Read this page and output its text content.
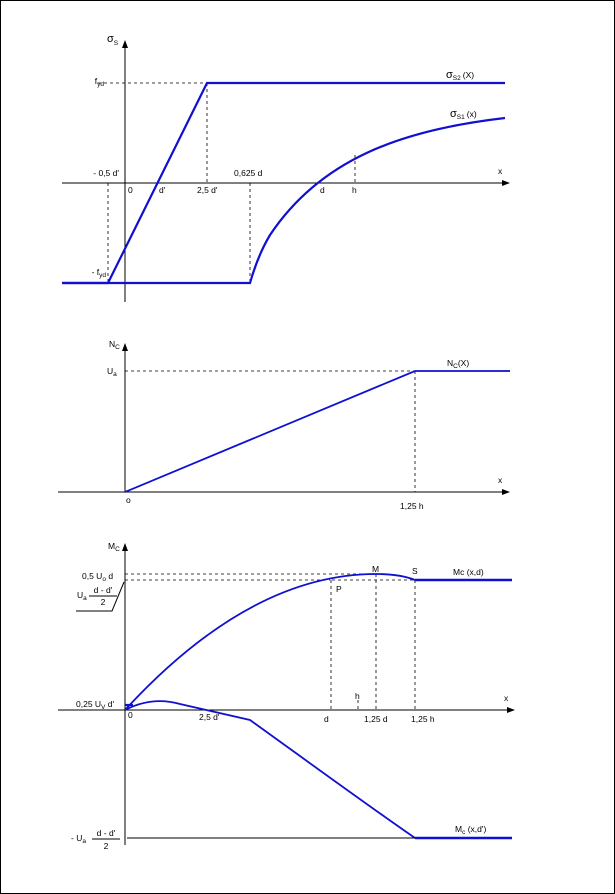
σS
$f_{yd}$
- 0,5 d'
- $f_{yd}$
0	d'	2,5 d'
0,625 d
d	h
x
σS2 (X)
σS1 (x)
NC
$U_a$
o
1,25 h
x
NC(X)
MC
0,5 $U_o$ d
$U_a$
d - d'
2
0,25 $U_V$ d'
- $U_a$
d - d'
2
0	2,5 d'	d
h
1,25 d	1,25 h
x
M	S
P
Mc (x,d)
Mc (x,d')
